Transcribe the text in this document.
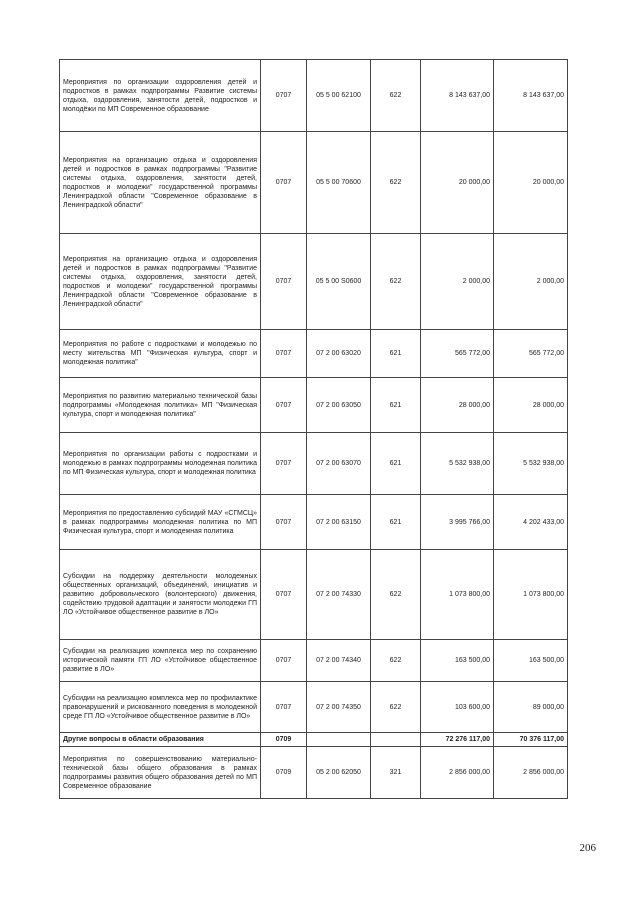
Мероприятия по организации оздоровления детей и подростков в рамках подпрограммы Развитие системы отдыха, оздоровления, занятости детей, подростков и молодёжи по МП Современное образование	0707	05 5 00 62100	622	8 143 637,00	8 143 637,00
Мероприятия на организацию отдыха и оздоровления детей и подростков в рамках подпрограммы "Развитие системы отдыха, оздоровления, занятости детей, подростков и молодежи" государственной программы Ленинградской области "Современное образование в Ленинградской области"	0707	05 5 00 70600	622	20 000,00	20 000,00
Мероприятия на организацию отдыха и оздоровления детей и подростков в рамках подпрограммы "Развитие системы отдыха, оздоровления, занятости детей, подростков и молодежи" государственной программы Ленинградской области "Современное образование в Ленинградской области"	0707	05 5 00 S0600	622	2 000,00	2 000,00
Мероприятия по работе с подростками и молодежью по месту жительства МП "Физическая культура, спорт и молодежная политика"	0707	07 2 00 63020	621	565 772,00	565 772,00
Мероприятия по развитию материально технической базы подпрограммы «Молодежная политика» МП "Физическая культура, спорт и молодежная политика"	0707	07 2 00 63050	621	28 000,00	28 000,00
Мероприятия по организации работы с подростками и молодежью в рамках подпрограммы молодежная политика по МП Физическая культура, спорт и молодежная политика	0707	07 2 00 63070	621	5 532 938,00	5 532 938,00
Мероприятия по предоставлению субсидий МАУ «СГМСЦ» в рамках подпрограммы молодежная политика по МП Физическая культура, спорт и молодежная политика	0707	07 2 00 63150	621	3 995 766,00	4 202 433,00
Субсидии на поддержку деятельности молодежных общественных организаций, объединений, инициатив и развитию добровольческого (волонтерского) движения, содействию трудовой адаптации и занятости молодежи ГП ЛО «Устойчивое общественное развитие в ЛО»	0707	07 2 00 74330	622	1 073 800,00	1 073 800,00
Субсидии на реализацию комплекса мер по сохранению исторической памяти ГП ЛО «Устойчивое общественное развитие в ЛО»	0707	07 2 00 74340	622	163 500,00	163 500,00
Субсидии на реализацию комплекса мер по профилактике правонарушений и рискованного поведения в молодежной среде ГП ЛО «Устойчивое общественное развитие в ЛО»	0707	07 2 00 74350	622	103 600,00	89 000,00
Другие вопросы в области образования	0709			72 276 117,00	70 376 117,00
Мероприятия по совершенствованию материально-технической базы общего образования в рамках подпрограммы развития общего образования детей по МП Современное образование	0709	05 2 00 62050	321	2 856 000,00	2 856 000,00
206
